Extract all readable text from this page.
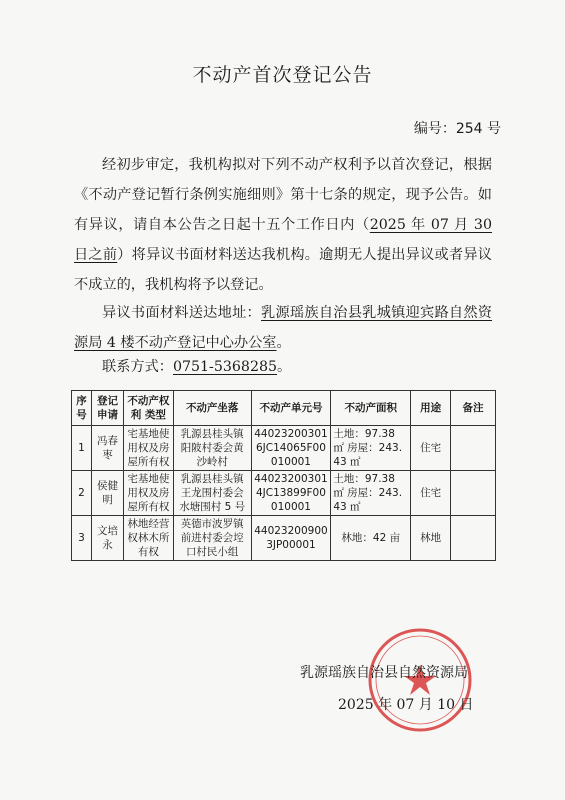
不动产首次登记公告
编号：254 号
经初步审定，我机构拟对下列不动产权利予以首次登记，根据《不动产登记暂行条例实施细则》第十七条的规定，现予公告。如有异议，请自本公告之日起十五个工作日内（2025 年 07 月 30 日之前）将异议书面材料送达我机构。逾期无人提出异议或者异议不成立的，我机构将予以登记。
异议书面材料送达地址：乳源瑶族自治县乳城镇迎宾路自然资源局 4 楼不动产登记中心办公室。
联系方式：0751-5368285。
序号	登记申请	不动产权利 类型	不动产坐落	不动产单元号	不动产面积	用途	备注
1	冯春枣	宅基地使用权及房屋所有权	乳源县桂头镇阳陂村委会黄沙岭村	440232003016JC14065F00010001	土地：97.38 ㎡ 房屋：243.43 ㎡	住宅	
2	侯健明	宅基地使用权及房屋所有权	乳源县桂头镇王龙围村委会水塘围村 5 号	440232003014JC13899F00010001	土地：97.38 ㎡ 房屋：243.43 ㎡	住宅	
3	文培永	林地经营权林木所有权	英德市波罗镇前进村委会埪口村民小组	440232009003JP00001	林地：42 亩	林地	
乳源瑶族自治县自然资源局
2025 年 07 月 10 日
